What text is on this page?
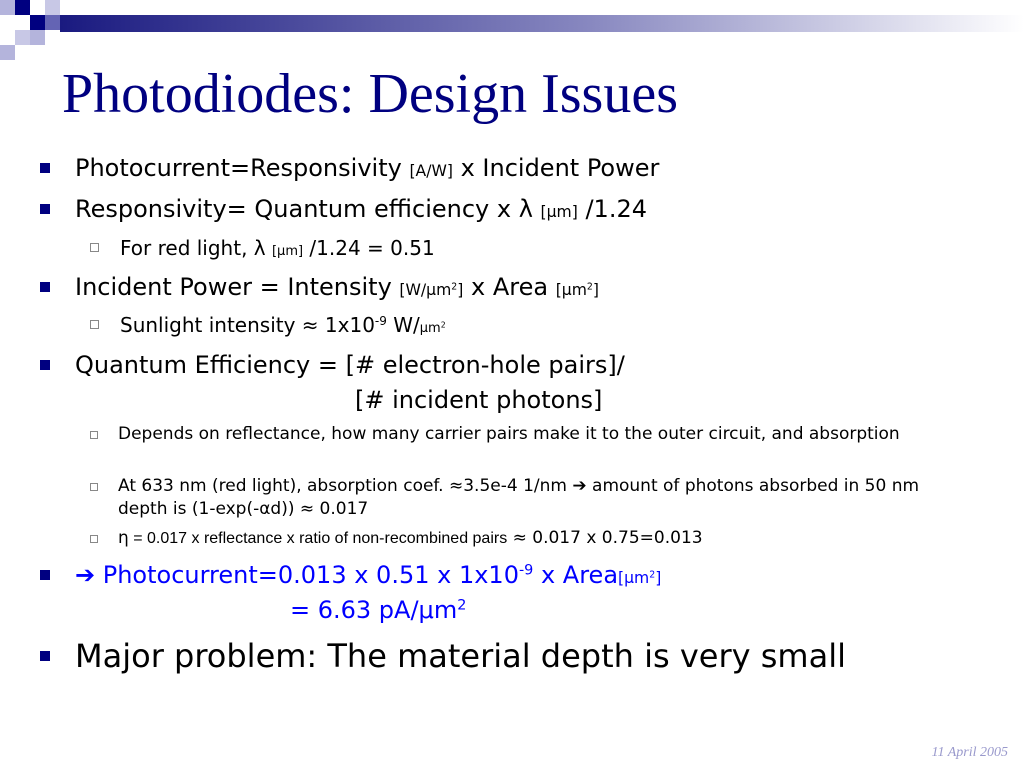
Photodiodes: Design Issues
Photocurrent=Responsivity [A/W] x Incident Power
Responsivity= Quantum efficiency x λ [μm] /1.24
For red light, λ [μm] /1.24 = 0.51
Incident Power = Intensity $[W/\mu m^2]$ x Area $[\mu m^2]$
Sunlight intensity ≈ $1x10^{-9}$ $W/\mu m^2$
Quantum Efficiency = [# electron-hole pairs]/
[# incident photons]
Depends on reflectance, how many carrier pairs make it to the outer circuit, and absorption
At 633 nm (red light), absorption coef. ≈3.5e-4 1/nm ➔ amount of photons absorbed in 50 nm depth is (1-exp(-αd)) ≈ 0.017
η = 0.017 x reflectance x ratio of non-recombined pairs ≈ 0.017 x 0.75=0.013
➔ Photocurrent=0.013 x 0.51 x $1x10^{-9}$ x $Area[\mu m^2]$
= 6.63 $pA/\mu m^2$
Major problem: The material depth is very small
11 April 2005
